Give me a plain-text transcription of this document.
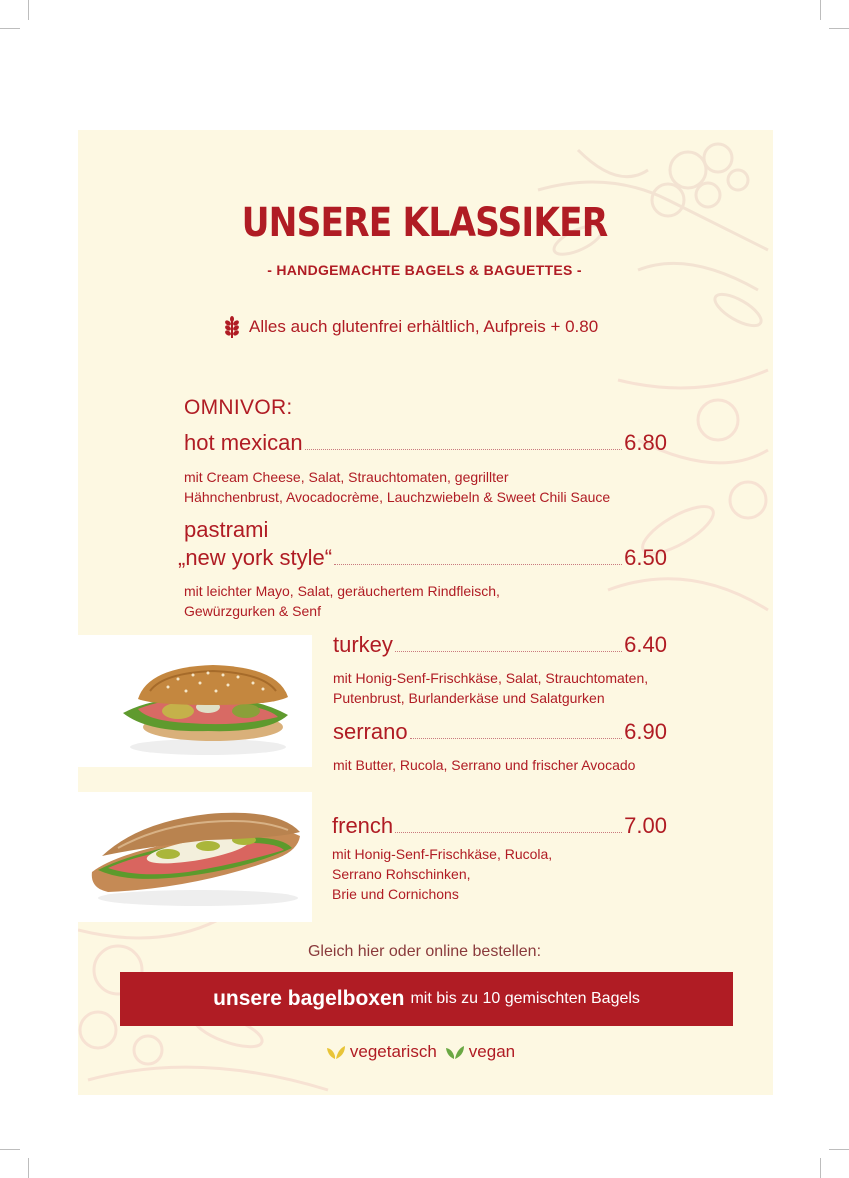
UNSERE KLASSIKER
- HANDGEMACHTE BAGELS & BAGUETTES -
Alles auch glutenfrei erhältlich, Aufpreis + 0.80
OMNIVOR:
hot mexican	6.80
mit Cream Cheese, Salat, Strauchtomaten, gegrillter
Hähnchenbrust, Avocadocrème, Lauchzwiebeln & Sweet Chili Sauce
pastrami
„new york style“	6.50
mit leichter Mayo, Salat, geräuchertem Rindfleisch,
Gewürzgurken & Senf
turkey	6.40
mit Honig-Senf-Frischkäse, Salat, Strauchtomaten,
Putenbrust, Burlanderkäse und Salatgurken
serrano	6.90
mit Butter, Rucola, Serrano und frischer Avocado
french	7.00
mit Honig-Senf-Frischkäse, Rucola,
Serrano Rohschinken,
Brie und Cornichons
Gleich hier oder online bestellen:
unsere bagelboxen mit bis zu 10 gemischten Bagels
vegetarisch vegan
